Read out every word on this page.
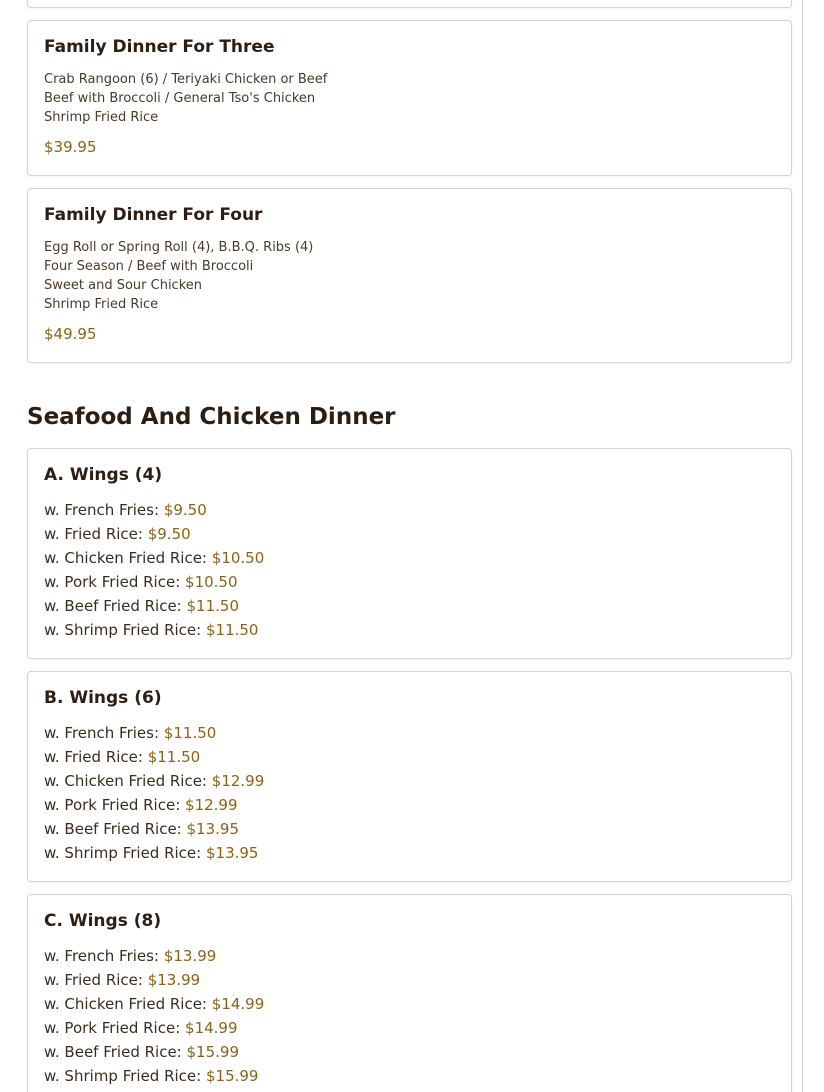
Family Dinner For Three

Crab Rangoon (6) / Teriyaki Chicken or Beef

Beef with Broccoli / General Tso's Chicken

Shrimp Fried Rice

$39.95
Family Dinner For Four

Egg Roll or Spring Roll (4), B.B.Q. Ribs (4)

Four Season / Beef with Broccoli

Sweet and Sour Chicken

Shrimp Fried Rice

$49.95
Seafood And Chicken Dinner
A. Wings (4)
w. French Fries: $9.50
w. Fried Rice: $9.50
w. Chicken Fried Rice: $10.50
w. Pork Fried Rice: $10.50
w. Beef Fried Rice: $11.50
w. Shrimp Fried Rice: $11.50
B. Wings (6)
w. French Fries: $11.50
w. Fried Rice: $11.50
w. Chicken Fried Rice: $12.99
w. Pork Fried Rice: $12.99
w. Beef Fried Rice: $13.95
w. Shrimp Fried Rice: $13.95
C. Wings (8)
w. French Fries: $13.99
w. Fried Rice: $13.99
w. Chicken Fried Rice: $14.99
w. Pork Fried Rice: $14.99
w. Beef Fried Rice: $15.99
w. Shrimp Fried Rice: $15.99
